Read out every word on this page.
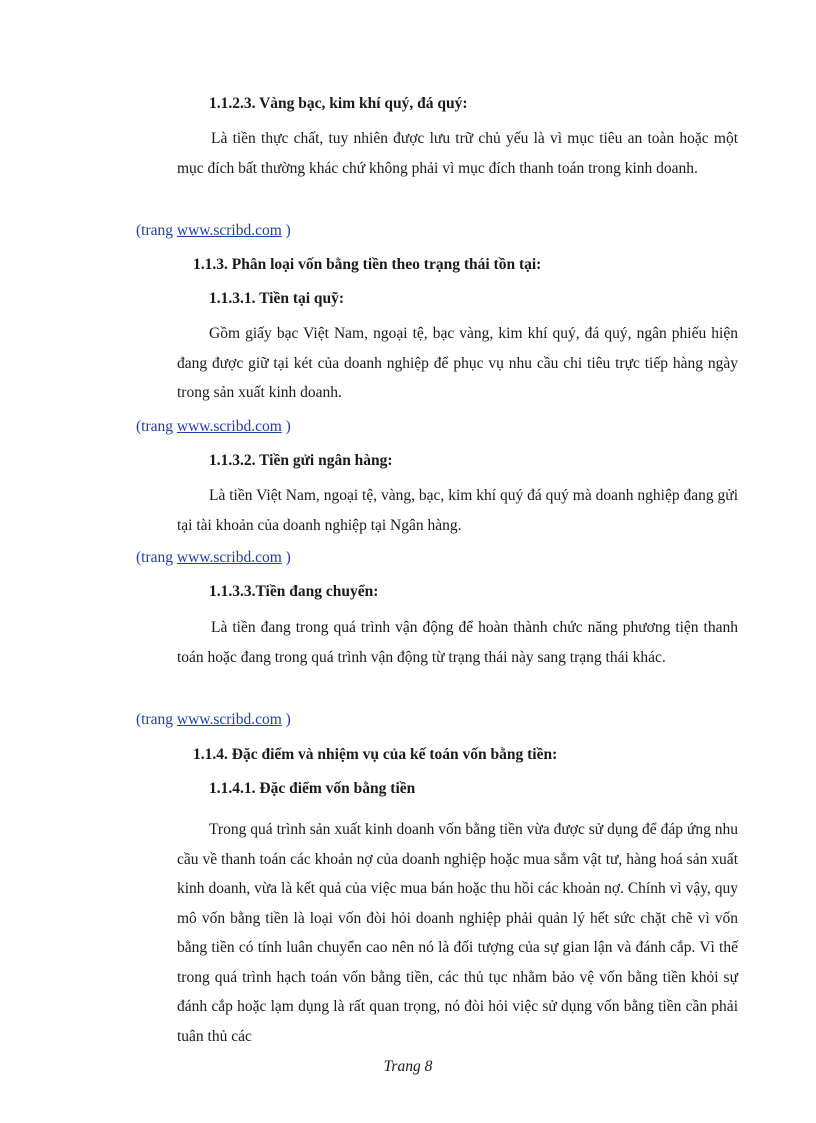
1.1.2.3. Vàng bạc, kim khí quý, đá quý:
Là tiền thực chất, tuy nhiên được lưu trữ chủ yếu là vì mục tiêu an toàn hoặc một mục đích bất thường khác chứ không phải vì mục đích thanh toán trong kinh doanh.
(trang www.scribd.com )
1.1.3. Phân loại vốn bằng tiền theo trạng thái tồn tại:
1.1.3.1. Tiền tại quỹ:
Gồm giấy bạc Việt Nam, ngoại tệ, bạc vàng, kim khí quý, đá quý, ngân phiếu hiện đang được giữ tại két của doanh nghiệp để phục vụ nhu cầu chi tiêu trực tiếp hàng ngày trong sản xuất kinh doanh.
(trang www.scribd.com )
1.1.3.2. Tiền gửi ngân hàng:
Là tiền Việt Nam, ngoại tệ, vàng, bạc, kim khí quý đá quý mà doanh nghiệp đang gửi tại tài khoản của doanh nghiệp tại Ngân hàng.
(trang www.scribd.com )
1.1.3.3.Tiền đang chuyển:
Là tiền đang trong quá trình vận động để hoàn thành chức năng phương tiện thanh toán hoặc đang trong quá trình vận động từ trạng thái này sang trạng thái khác.
(trang www.scribd.com )
1.1.4. Đặc điểm và nhiệm vụ của kế toán vốn bằng tiền:
1.1.4.1. Đặc điểm vốn bằng tiền
Trong quá trình sản xuất kinh doanh vốn bằng tiền vừa được sử dụng để đáp ứng nhu cầu về thanh toán các khoản nợ của doanh nghiệp hoặc mua sắm vật tư, hàng hoá sản xuất kinh doanh, vừa là kết quả của việc mua bán hoặc thu hồi các khoản nợ. Chính vì vậy, quy mô vốn bằng tiền là loại vốn đòi hỏi doanh nghiệp phải quản lý hết sức chặt chẽ vì vốn bằng tiền có tính luân chuyển cao nên nó là đối tượng của sự gian lận và đánh cắp. Vì thế trong quá trình hạch toán vốn bằng tiền, các thủ tục nhằm bảo vệ vốn bằng tiền khỏi sự đánh cắp hoặc lạm dụng là rất quan trọng, nó đòi hỏi việc sử dụng vốn bằng tiền cần phải tuân thủ các
Trang 8
